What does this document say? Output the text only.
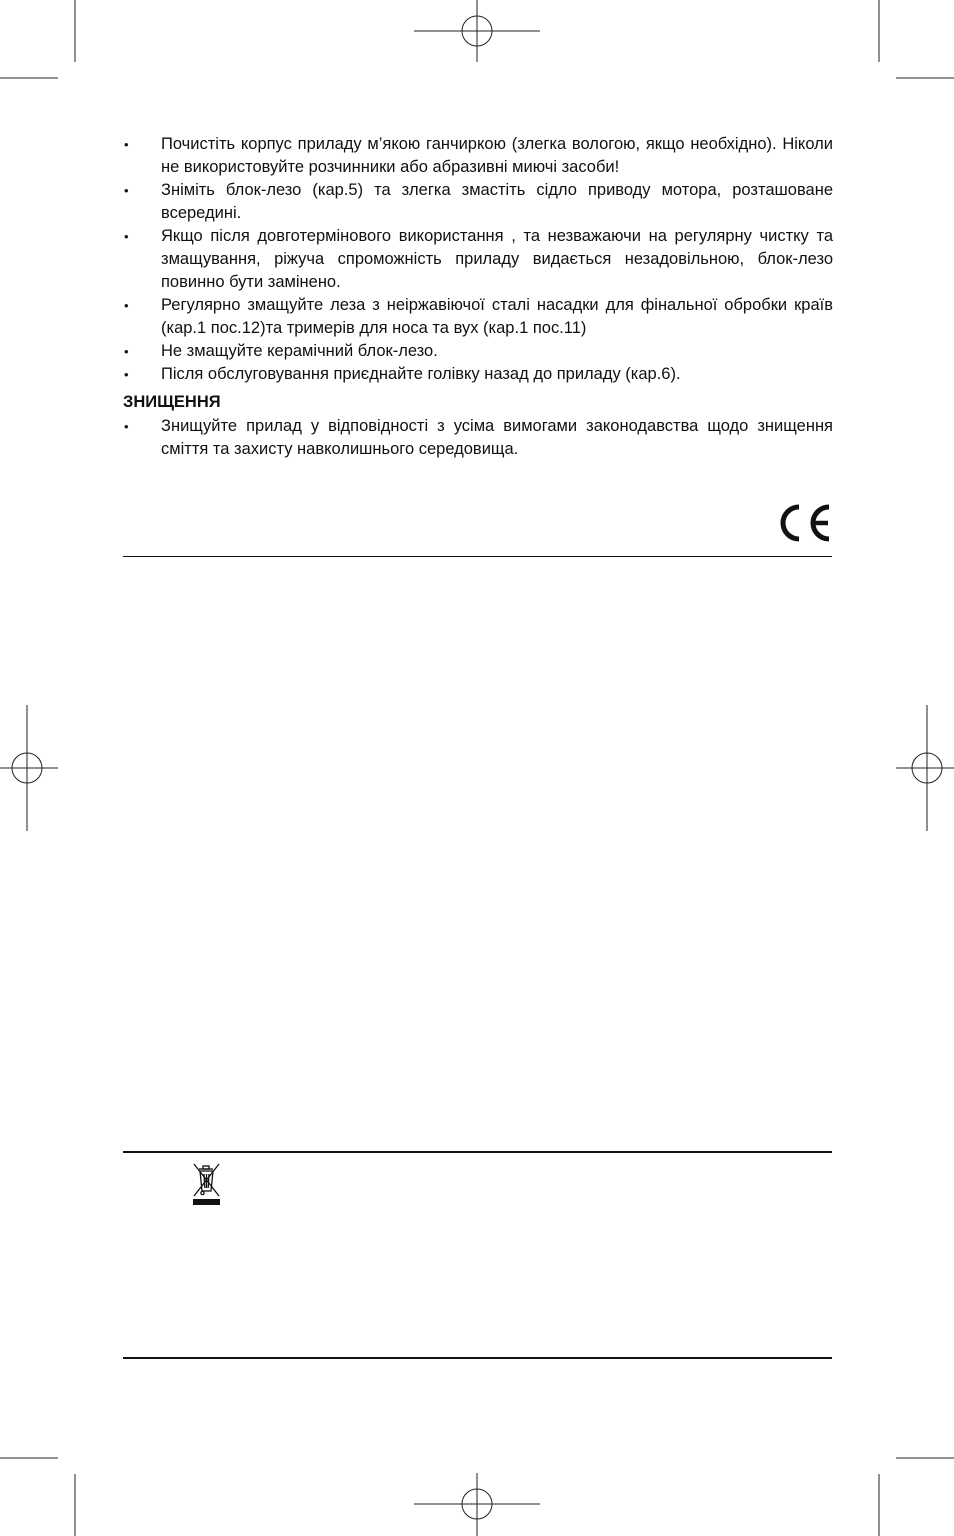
•	Почистіть корпус приладу м’якою ганчиркою (злегка вологою, якщо необхідно). Ніколи не використовуйте розчинники або абразивні миючі засоби!
•	Зніміть блок-лезо (кар.5) та злегка змастіть сідло приводу мотора, розташоване всередині.
•	Якщо після довготермінового використання , та незважаючи на регулярну чистку та змащування, ріжуча спроможність приладу видається незадовільною, блок-лезо повинно бути замінено.
•	Регулярно змащуйте леза з неіржавіючої сталі насадки для фінальної обробки країв (кар.1 пос.12)та тримерів для носа та вух (кар.1 пос.11)
•	Не змащуйте керамічний блок-лезо.
•	Після обслуговування приєднайте голівку назад до приладу (кар.6).
ЗНИЩЕННЯ
•	Знищуйте прилад у відповідності з усіма вимогами законодавства щодо знищення сміття та захисту навколишнього середовища.
